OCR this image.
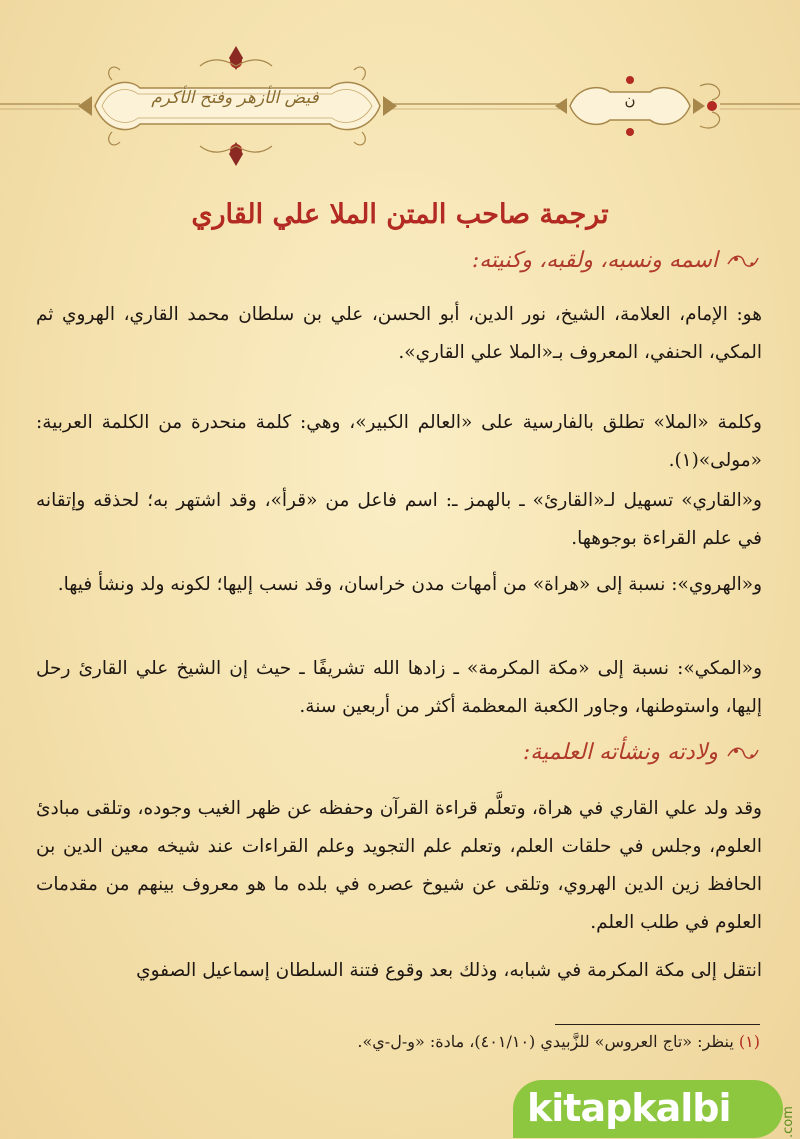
فيض الأزهر وفتح الأكرم	ن
ترجمة صاحب المتن الملا علي القاري
اسمه ونسبه، ولقبه، وكنيته:
هو: الإمام، العلامة، الشيخ، نور الدين، أبو الحسن، علي بن سلطان محمد القاري، الهروي ثم المكي، الحنفي، المعروف بـ«الملا علي القاري».
وكلمة «الملا» تطلق بالفارسية على «العالم الكبير»، وهي: كلمة منحدرة من الكلمة العربية: «مولى»(١).
و«القاري» تسهيل لـ«القارئ» ـ بالهمز ـ: اسم فاعل من «قرأ»، وقد اشتهر به؛ لحذقه وإتقانه في علم القراءة بوجوهها.
و«الهروي»: نسبة إلى «هراة» من أمهات مدن خراسان، وقد نسب إليها؛ لكونه ولد ونشأ فيها.
و«المكي»: نسبة إلى «مكة المكرمة» ـ زادها الله تشريفًا ـ حيث إن الشيخ علي القارئ رحل إليها، واستوطنها، وجاور الكعبة المعظمة أكثر من أربعين سنة.
ولادته ونشأته العلمية:
وقد ولد علي القاري في هراة، وتعلَّم قراءة القرآن وحفظه عن ظهر الغيب وجوده، وتلقى مبادئ العلوم، وجلس في حلقات العلم، وتعلم علم التجويد وعلم القراءات عند شيخه معين الدين بن الحافظ زين الدين الهروي، وتلقى عن شيوخ عصره في بلده ما هو معروف بينهم من مقدمات العلوم في طلب العلم.
انتقل إلى مكة المكرمة في شبابه، وذلك بعد وقوع فتنة السلطان إسماعيل الصفوي
(١) ينظر: «تاج العروس» للزَّبيدي (٤٠١/١٠)، مادة: «و-ل-ي».
kitapkalbi	.com
